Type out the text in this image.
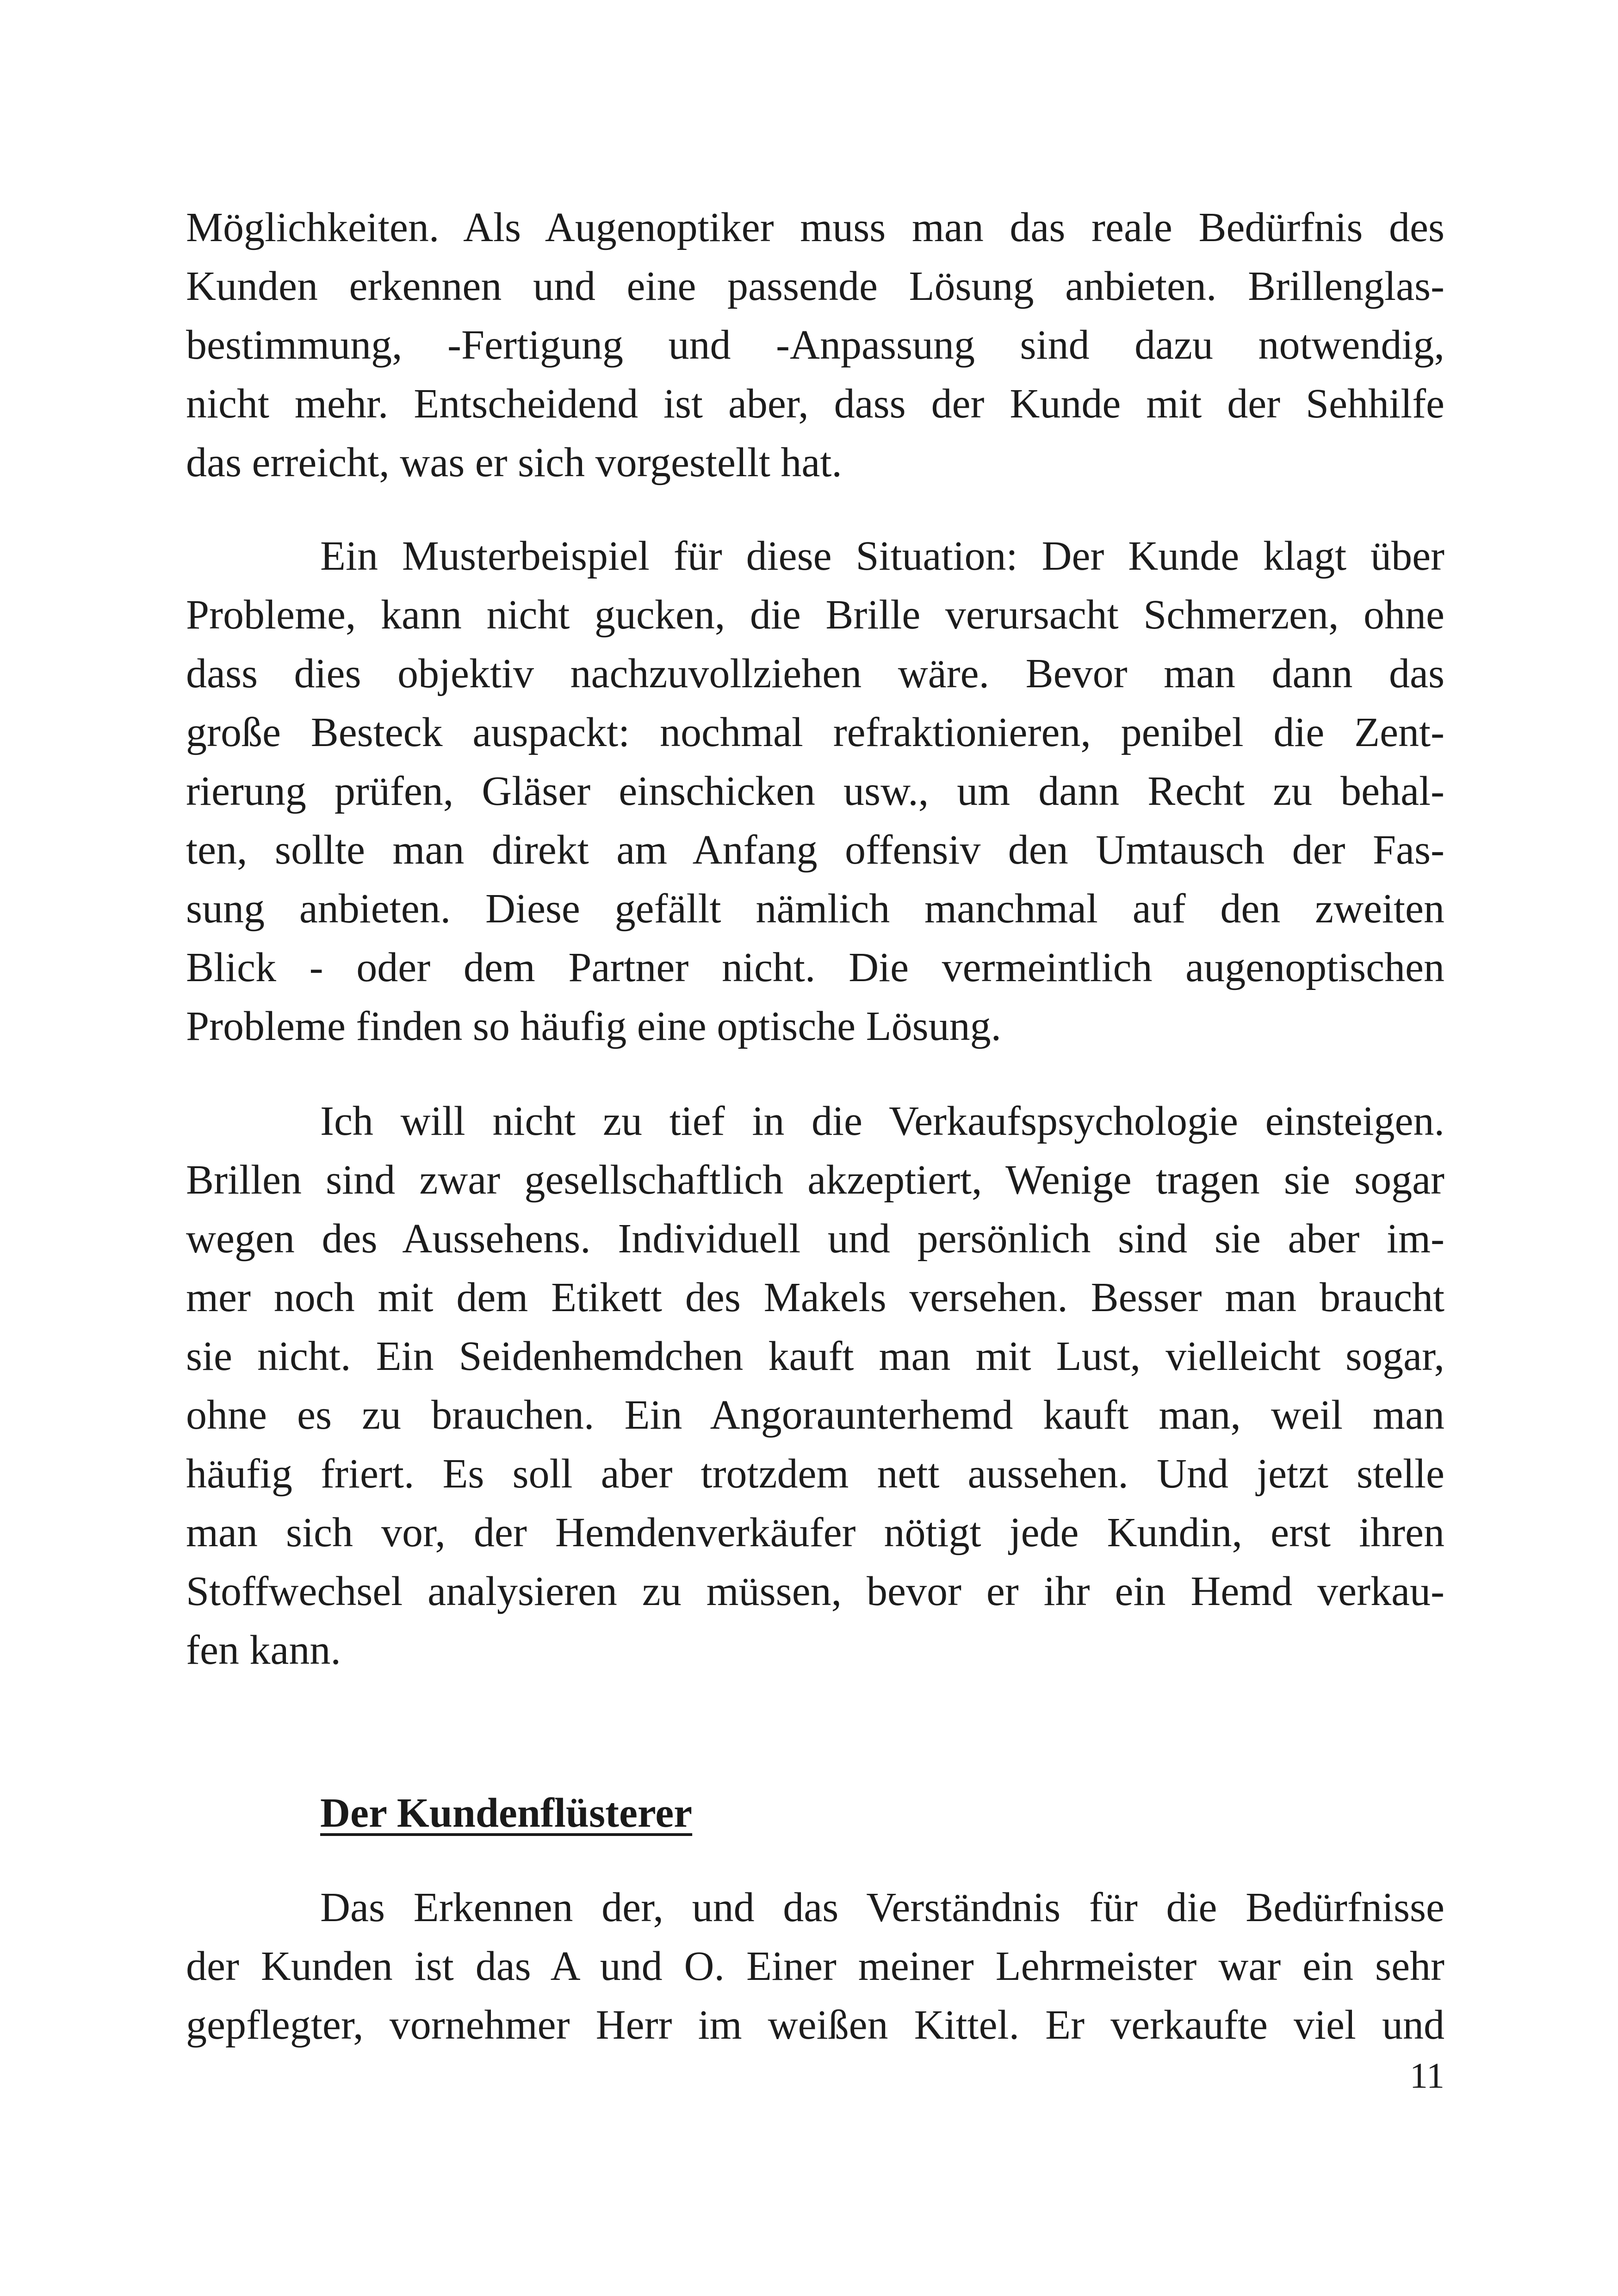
Möglichkeiten. Als Augenoptiker muss man das reale Bedürfnis des
Kunden erkennen und eine passende Lösung anbieten. Brillenglas-
bestimmung, -Fertigung und -Anpassung sind dazu notwendig,
nicht mehr. Entscheidend ist aber, dass der Kunde mit der Sehhilfe
das erreicht, was er sich vorgestellt hat.
Ein Musterbeispiel für diese Situation: Der Kunde klagt über
Probleme, kann nicht gucken, die Brille verursacht Schmerzen, ohne
dass dies objektiv nachzuvollziehen wäre. Bevor man dann das
große Besteck auspackt: nochmal refraktionieren, penibel die Zent-
rierung prüfen, Gläser einschicken usw., um dann Recht zu behal-
ten, sollte man direkt am Anfang offensiv den Umtausch der Fas-
sung anbieten. Diese gefällt nämlich manchmal auf den zweiten
Blick - oder dem Partner nicht. Die vermeintlich augenoptischen
Probleme finden so häufig eine optische Lösung.
Ich will nicht zu tief in die Verkaufspsychologie einsteigen.
Brillen sind zwar gesellschaftlich akzeptiert, Wenige tragen sie sogar
wegen des Aussehens. Individuell und persönlich sind sie aber im-
mer noch mit dem Etikett des Makels versehen. Besser man braucht
sie nicht. Ein Seidenhemdchen kauft man mit Lust, vielleicht sogar,
ohne es zu brauchen. Ein Angoraunterhemd kauft man, weil man
häufig friert. Es soll aber trotzdem nett aussehen. Und jetzt stelle
man sich vor, der Hemdenverkäufer nötigt jede Kundin, erst ihren
Stoffwechsel analysieren zu müssen, bevor er ihr ein Hemd verkau-
fen kann.
Der Kundenflüsterer
Das Erkennen der, und das Verständnis für die Bedürfnisse
der Kunden ist das A und O. Einer meiner Lehrmeister war ein sehr
gepflegter, vornehmer Herr im weißen Kittel. Er verkaufte viel und
11
